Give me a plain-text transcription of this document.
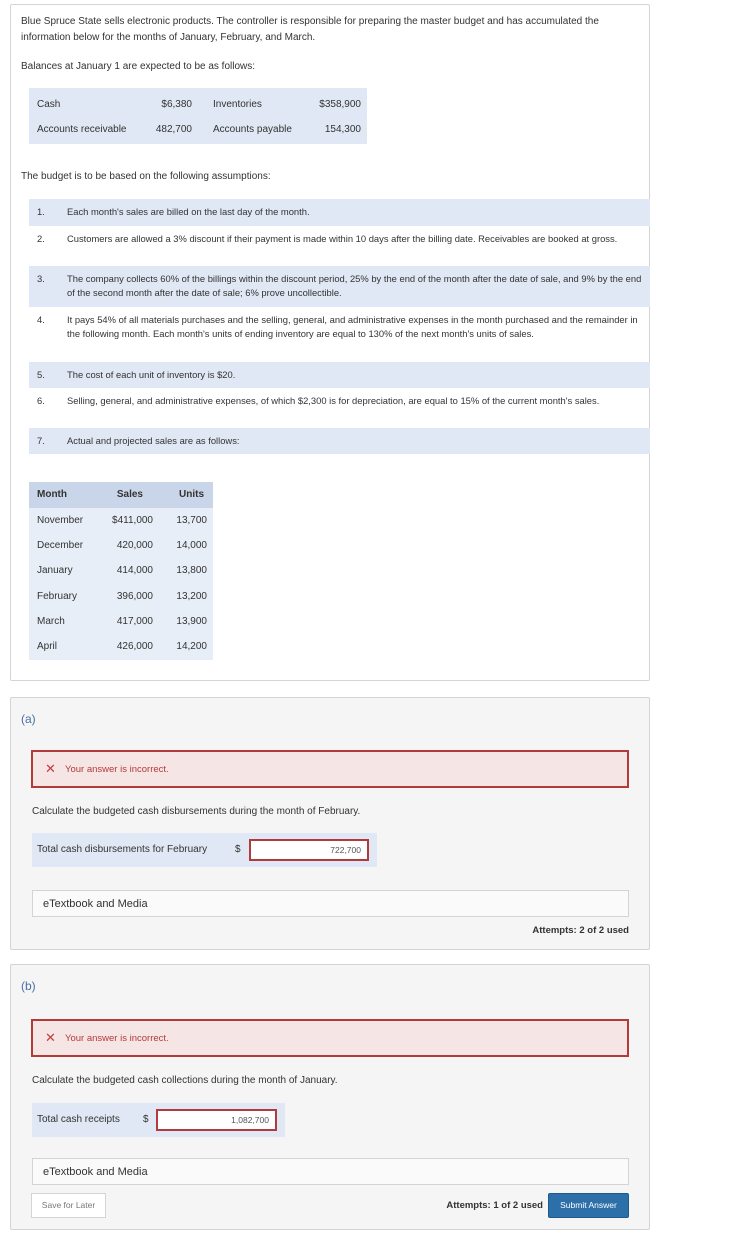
Blue Spruce State sells electronic products. The controller is responsible for preparing the master budget and has accumulated the information below for the months of January, February, and March.
Balances at January 1 are expected to be as follows:
Cash	$6,380 Inventories	$358,900
Accounts receivable	482,700 Accounts payable	154,300
The budget is to be based on the following assumptions:
1. Each month's sales are billed on the last day of the month.
2. Customers are allowed a 3% discount if their payment is made within 10 days after the billing date. Receivables are booked at gross.
3. The company collects 60% of the billings within the discount period, 25% by the end of the month after the date of sale, and 9% by the end of the second month after the date of sale; 6% prove uncollectible.
4. It pays 54% of all materials purchases and the selling, general, and administrative expenses in the month purchased and the remainder in the following month. Each month's units of ending inventory are equal to 130% of the next month's units of sales.
5. The cost of each unit of inventory is $20.
6. Selling, general, and administrative expenses, of which $2,300 is for depreciation, are equal to 15% of the current month's sales.
7. Actual and projected sales are as follows:
Month	Sales	Units
November	$411,000 13,700
December	420,000 14,000
January	414,000 13,800
February	396,000 13,200
March	417,000 13,900
April	426,000 14,200
(a)
✕ Your answer is incorrect.
Calculate the budgeted cash disbursements during the month of February.
Total cash disbursements for February	$
722,700
eTextbook and Media
Attempts: 2 of 2 used
(b)
✕ Your answer is incorrect.
Calculate the budgeted cash collections during the month of January.
Total cash receipts $
1,082,700
eTextbook and Media
Save for Later	Attempts: 1 of 2 used	Submit Answer
